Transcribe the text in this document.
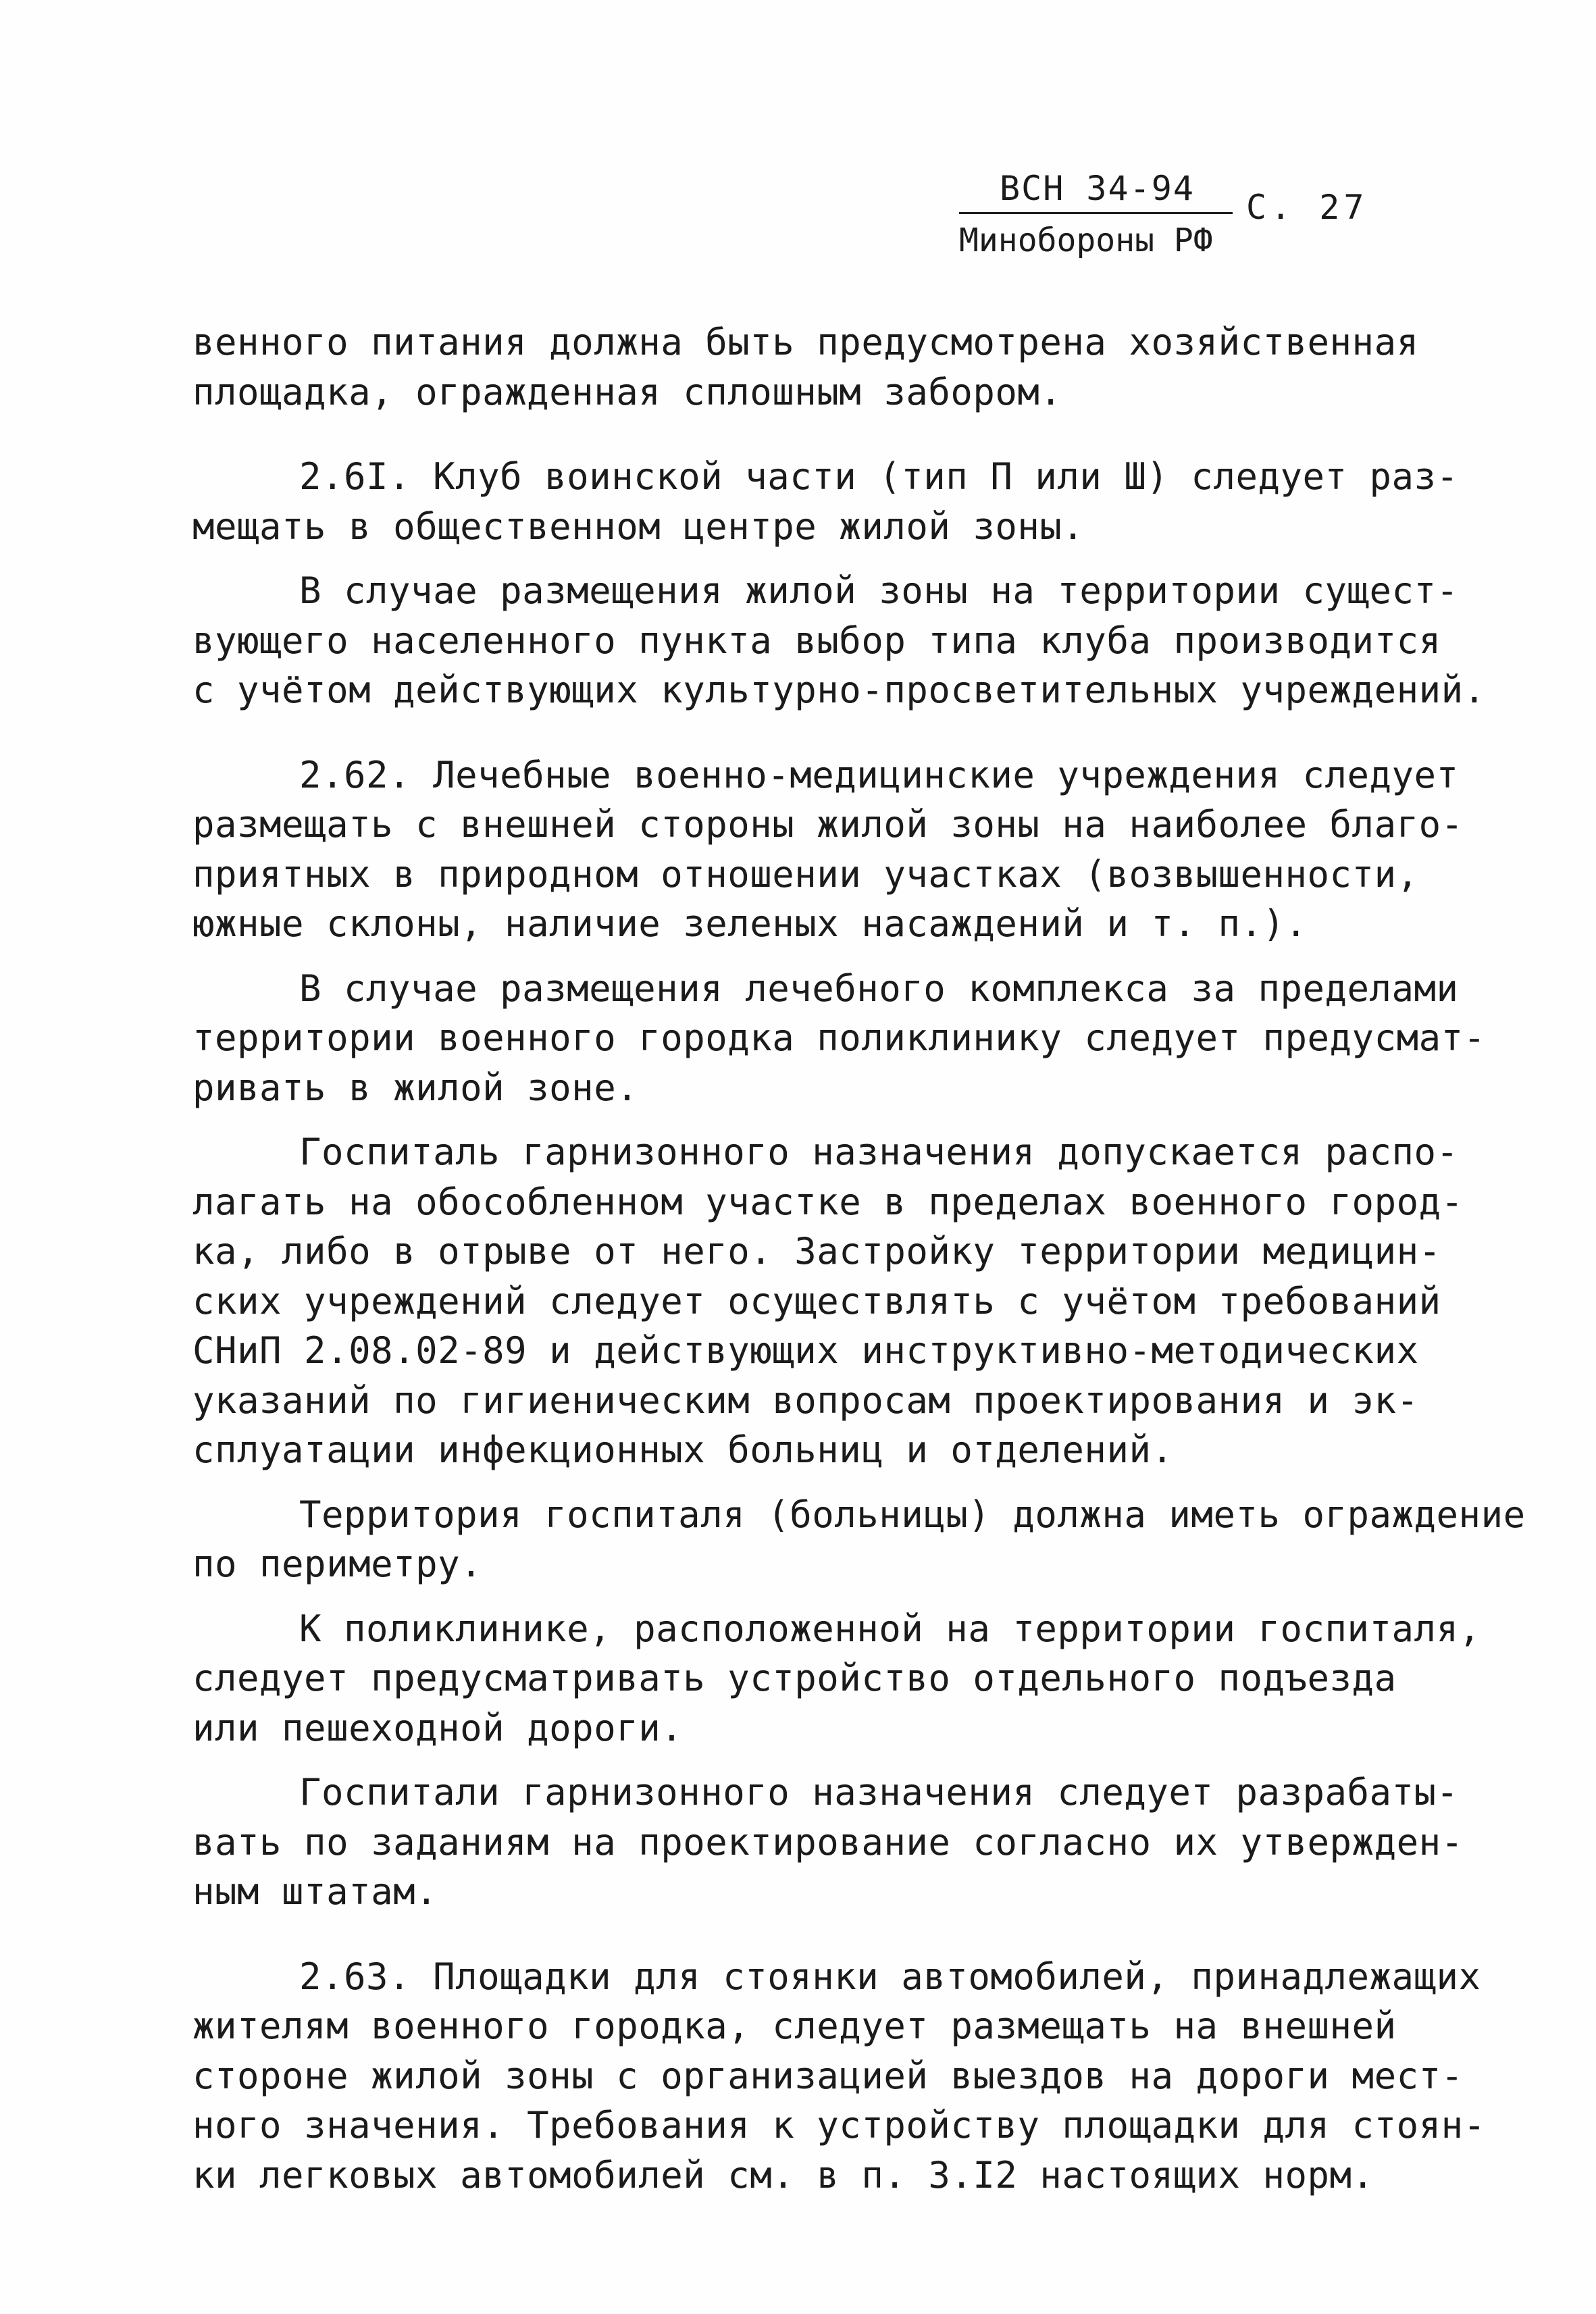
ВСН 34-94 С. 27
Минобороны РФ
венного питания должна быть предусмотрена хозяйственная
площадка, огражденная сплошным забором.
2.6I. Клуб воинской части (тип П или Ш) следует раз-
мещать в общественном центре жилой зоны.
В случае размещения жилой зоны на территории сущест-
вующего населенного пункта выбор типа клуба производится
с учётом действующих культурно-просветительных учреждений.
2.62. Лечебные военно-медицинские учреждения следует
размещать с внешней стороны жилой зоны на наиболее благо-
приятных в природном отношении участках (возвышенности,
южные склоны, наличие зеленых насаждений и т. п.).
В случае размещения лечебного комплекса за пределами
территории военного городка поликлинику следует предусмат-
ривать в жилой зоне.
Госпиталь гарнизонного назначения допускается распо-
лагать на обособленном участке в пределах военного город-
ка, либо в отрыве от него. Застройку территории медицин-
ских учреждений следует осуществлять с учётом требований
СНиП 2.08.02-89 и действующих инструктивно-методических
указаний по гигиеническим вопросам проектирования и эк-
сплуатации инфекционных больниц и отделений.
Территория госпиталя (больницы) должна иметь ограждение
по периметру.
К поликлинике, расположенной на территории госпиталя,
следует предусматривать устройство отдельного подъезда
или пешеходной дороги.
Госпитали гарнизонного назначения следует разрабаты-
вать по заданиям на проектирование согласно их утвержден-
ным штатам.
2.63. Площадки для стоянки автомобилей, принадлежащих
жителям военного городка, следует размещать на внешней
стороне жилой зоны с организацией выездов на дороги мест-
ного значения. Требования к устройству площадки для стоян-
ки легковых автомобилей см. в п. 3.I2 настоящих норм.
